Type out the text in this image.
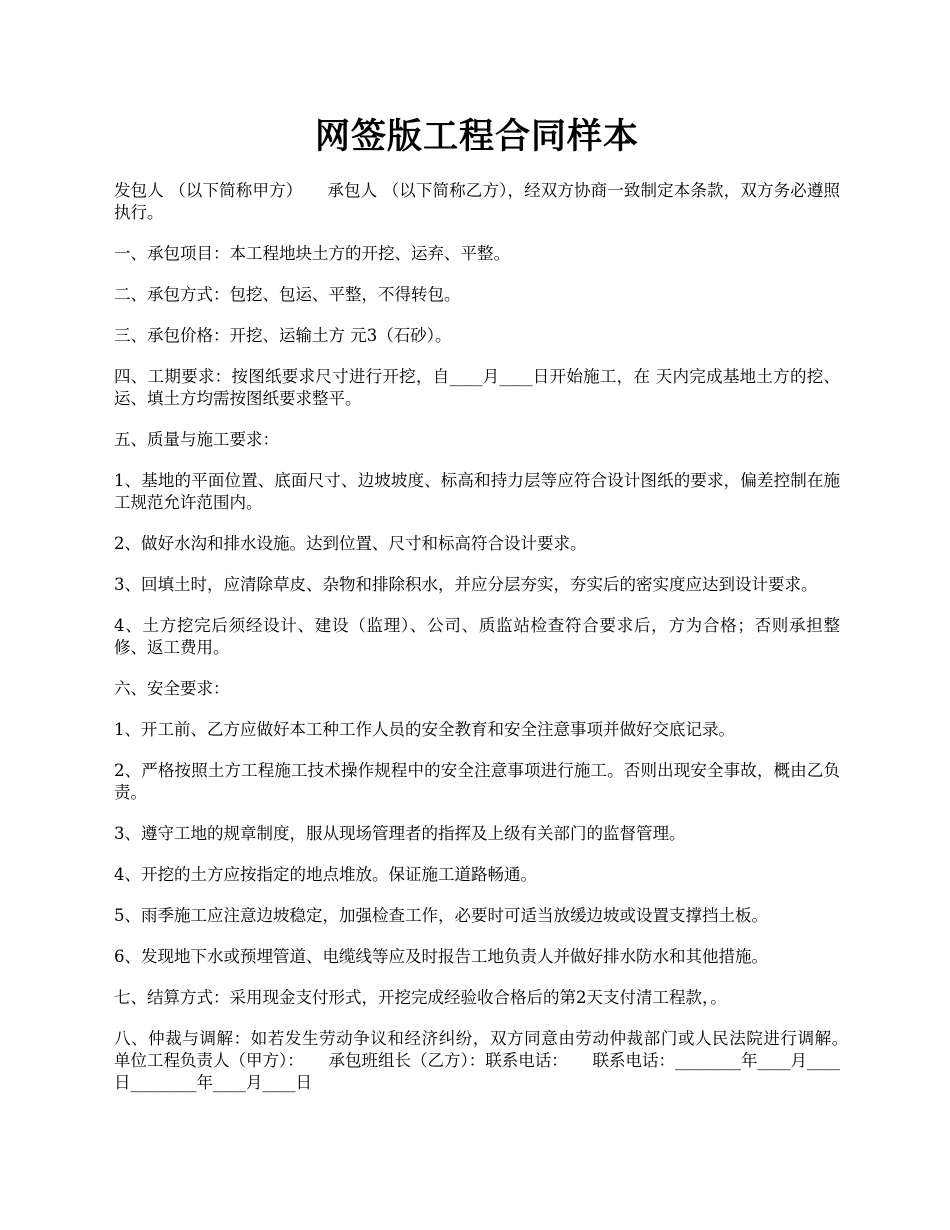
网签版工程合同样本

发包人 （以下简称甲方）　　承包人 （以下简称乙方），经双方协商一致制定本条款，双方务必遵照执行。

一、承包项目：本工程地块土方的开挖、运弃、平整。

二、承包方式：包挖、包运、平整，不得转包。

三、承包价格：开挖、运输土方 元3（石砂）。

四、工期要求：按图纸要求尺寸进行开挖，自____月____日开始施工，在 天内完成基地土方的挖、运、填土方均需按图纸要求整平。

五、质量与施工要求：

1、基地的平面位置、底面尺寸、边坡坡度、标高和持力层等应符合设计图纸的要求，偏差控制在施工规范允许范围内。

2、做好水沟和排水设施。达到位置、尺寸和标高符合设计要求。

3、回填土时，应清除草皮、杂物和排除积水，并应分层夯实，夯实后的密实度应达到设计要求。

4、土方挖完后须经设计、建设（监理）、公司、质监站检查符合要求后，方为合格；否则承担整修、返工费用。

六、安全要求：

1、开工前、乙方应做好本工种工作人员的安全教育和安全注意事项并做好交底记录。

2、严格按照土方工程施工技术操作规程中的安全注意事项进行施工。否则出现安全事故，概由乙负责。

3、遵守工地的规章制度，服从现场管理者的指挥及上级有关部门的监督管理。

4、开挖的土方应按指定的地点堆放。保证施工道路畅通。

5、雨季施工应注意边坡稳定，加强检查工作，必要时可适当放缓边坡或设置支撑挡土板。

6、发现地下水或预埋管道、电缆线等应及时报告工地负责人并做好排水防水和其他措施。

七、结算方式：采用现金支付形式，开挖完成经验收合格后的第2天支付清工程款，。

八、仲裁与调解：如若发生劳动争议和经济纠纷，双方同意由劳动仲裁部门或人民法院进行调解。　　单位工程负责人（甲方）：　　承包班组长（乙方）：联系电话：　　联系电话：________年____月____日________年____月____日
